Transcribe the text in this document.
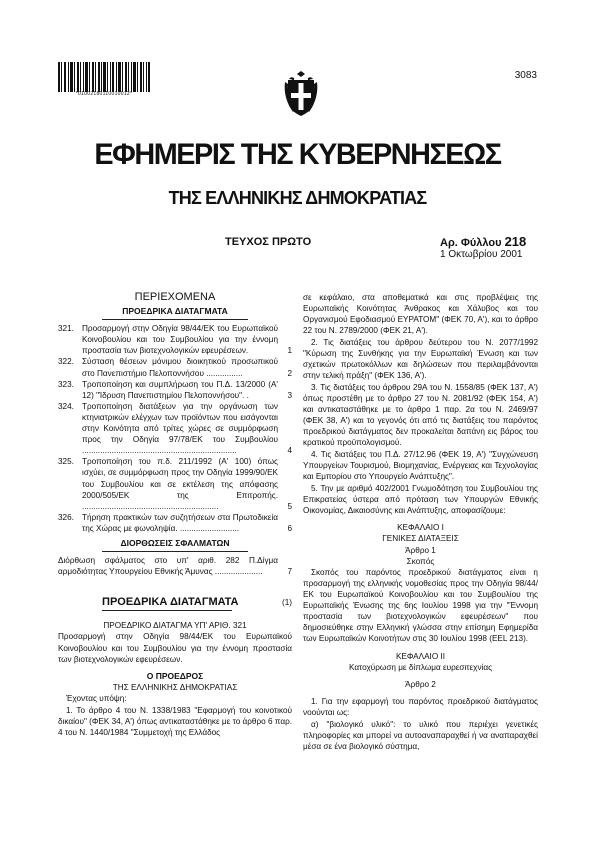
*01002180110010012*
3083
ΕΦΗΜΕΡΙΣ ΤΗΣ ΚΥΒΕΡΝΗΣΕΩΣ
ΤΗΣ ΕΛΛΗΝΙΚΗΣ ΔΗΜΟΚΡΑΤΙΑΣ
ΤΕΥΧΟΣ ΠΡΩΤΟ	Αρ. Φύλλου 218
1 Οκτωβρίου 2001
ΠΕΡΙΕΧΟΜΕΝΑ
ΠΡΟΕΔΡΙΚΑ ΔΙΑΤΑΓΜΑΤΑ
321. Προσαρμογή στην Οδηγία 98/44/ΕΚ του Ευρωπαϊκού Κοινοβουλίου και του Συμβουλίου για την έννομη προστασία των βιοτεχνολογικών εφευρέσεων.	1
322. Σύσταση θέσεων μόνιμου διοικητικού προσωπικού στο Πανεπιστήμιο Πελοποννήσου ................	2
323. Τροποποίηση και συμπλήρωση του Π.Δ. 13/2000 (Α' 12) "Ίδρυση Πανεπιστημίου Πελοποννήσου". .	3
324. Τροποποίηση διατάξεων για την οργάνωση των κτηνιατρικών ελέγχων των προϊόντων που εισάγονται στην Κοινότητα από τρίτες χώρες σε συμμόρφωση προς την Οδηγία 97/78/ΕΚ του Συμβουλίου ....................................................................	4
325. Τροποποίηση του π.δ. 211/1992 (Α' 100) όπως ισχύει, σε συμμόρφωση προς την Οδηγία 1999/90/ΕΚ του Συμβουλίου και σε εκτέλεση της απόφασης 2000/505/ΕΚ της Επιτροπής. ............................................................	5
326. Τήρηση πρακτικών των συζητήσεων στα Πρωτοδικεία της Χώρας με φωνοληψία. ..........................	6
ΔΙΟΡΘΩΣΕΙΣ ΣΦΑΛΜΑΤΩΝ
Διόρθωση σφάλματος στο υπ' αριθ. 282 Π.Δίγμα αρμοδιότητας Υπουργείου Εθνικής Άμυνας .....................	7
ΠΡΟΕΔΡΙΚΑ ΔΙΑΤΑΓΜΑΤΑ	(1)
ΠΡΟΕΔΡΙΚΟ ΔΙΑΤΑΓΜΑ ΥΠ' ΑΡΙΘ. 321
Προσαρμογή στην Οδηγία 98/44/ΕΚ του Ευρωπαϊκού Κοινοβουλίου και του Συμβουλίου για την έννομη προστασία των βιοτεχνολογικών εφευρέσεων.
Ο ΠΡΟΕΔΡΟΣ
ΤΗΣ ΕΛΛΗΝΙΚΗΣ ΔΗΜΟΚΡΑΤΙΑΣ
Έχοντας υπόψη:
1. Το άρθρο 4 του Ν. 1338/1983 "Εφαρμογή του κοινοτικού δικαίου" (ΦΕΚ 34, Α') όπως αντικαταστάθηκε με το άρθρο 6 παρ. 4 του Ν. 1440/1984 "Συμμετοχή της Ελλάδος
σε κεφάλαιο, στα αποθεματικά και στις προβλέψεις της Ευρωπαϊκής Κοινότητας Άνθρακος και Χάλυβος και του Οργανισμού Εφοδιασμού ΕΥΡΑΤΟΜ" (ΦΕΚ 70, Α'), και το άρθρο 22 του Ν. 2789/2000 (ΦΕΚ 21, Α').
2. Τις διατάξεις του άρθρου δεύτερου του Ν. 2077/1992 "Κύρωση της Συνθήκης για την Ευρωπαϊκή Ένωση και των σχετικών πρωτοκόλλων και δηλώσεων που περιλαμβάνονται στην τελική πράξη" (ΦΕΚ 136, Α').
3. Τις διατάξεις του άρθρου 29Α του Ν. 1558/85 (ΦΕΚ 137, Α') όπως προστέθη με το άρθρο 27 του Ν. 2081/92 (ΦΕΚ 154, Α') και αντικαταστάθηκε με το άρθρο 1 παρ. 2α του Ν. 2469/97 (ΦΕΚ 38, Α') και το γεγονός ότι από τις διατάξεις του παρόντος προεδρικού διατάγματος δεν προκαλείται δαπάνη εις βάρος του κρατικού προϋπολογισμού.
4. Τις διατάξεις του Π.Δ. 27/12.96 (ΦΕΚ 19, Α') "Συγχώνευση Υπουργείων Τουρισμού, Βιομηχανίας, Ενέργειας και Τεχνολογίας και Εμπορίου στο Υπουργείο Ανάπτυξης".
5. Την με αριθμό 402/2001 Γνωμοδότηση του Συμβουλίου της Επικρατείας ύστερα από πρόταση των Υπουργών Εθνικής Οικονομίας, Δικαιοσύνης και Ανάπτυξης, αποφασίζουμε:
ΚΕΦΑΛΑΙΟ Ι
ΓΕΝΙΚΕΣ ΔΙΑΤΑΞΕΙΣ
Άρθρο 1
Σκοπός
Σκοπός του παρόντος προεδρικού διατάγματος είναι η προσαρμογή της ελληνικής νομοθεσίας προς την Οδηγία 98/44/ΕΚ του Ευρωπαϊκού Κοινοβουλίου και του Συμβουλίου της Ευρωπαϊκής Ένωσης της 6ης Ιουλίου 1998 για την "Έννομη προστασία των βιοτεχνολογικών εφευρέσεων" που δημοσιεύθηκε στην Ελληνική γλώσσα στην επίσημη Εφημερίδα των Ευρωπαϊκών Κοινοτήτων στις 30 Ιουλίου 1998 (EEL 213).
ΚΕΦΑΛΑΙΟ ΙΙ
Κατοχύρωση με δίπλωμα ευρεσιτεχνίας
Άρθρο 2
1. Για την εφαρμογή του παρόντος προεδρικού διατάγματος νοούνται ως:
α) "βιολογικό υλικό": το υλικό που περιέχει γενετικές πληροφορίες και μπορεί να αυτοαναπαραχθεί ή να αναπαραχθεί μέσα σε ένα βιολογικό σύστημα,
